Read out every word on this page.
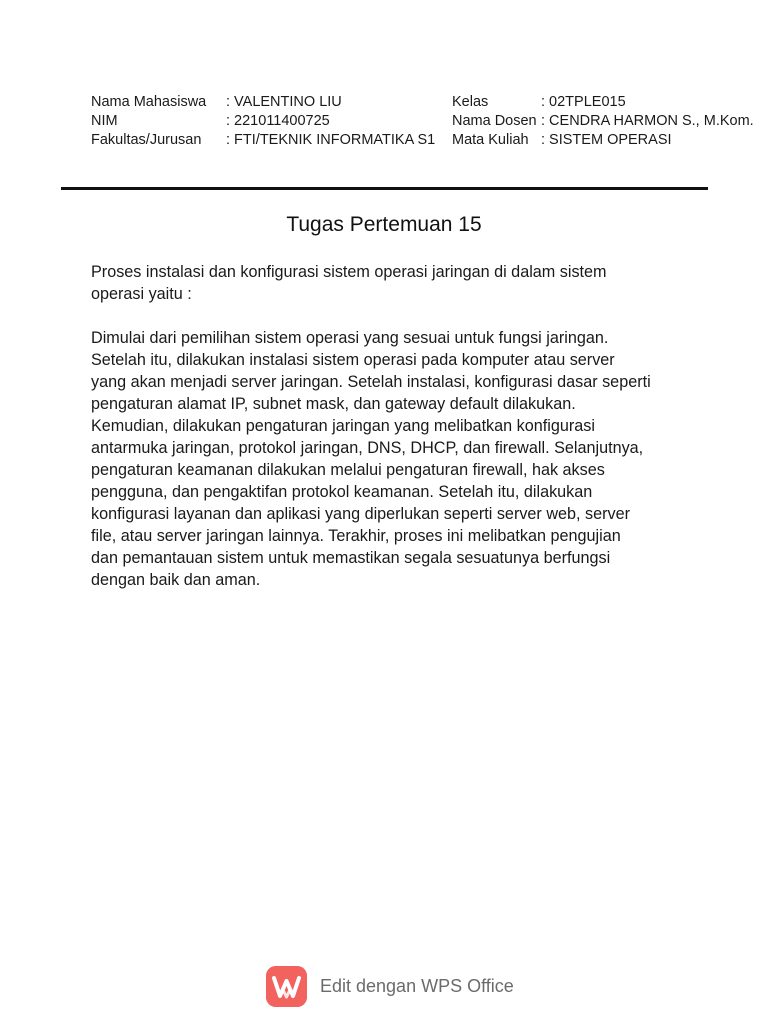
Nama Mahasiswa : VALENTINO LIU	Kelas	: 02TPLE015
NIM	: 221011400725	Nama Dosen : CENDRA HARMON S., M.Kom.
Fakultas/Jurusan : FTI/TEKNIK INFORMATIKA S1 Mata Kuliah : SISTEM OPERASI
Tugas Pertemuan 15
Proses instalasi dan konfigurasi sistem operasi jaringan di dalam sistem
operasi yaitu :
Dimulai dari pemilihan sistem operasi yang sesuai untuk fungsi jaringan.
Setelah itu, dilakukan instalasi sistem operasi pada komputer atau server
yang akan menjadi server jaringan. Setelah instalasi, konfigurasi dasar seperti
pengaturan alamat IP, subnet mask, dan gateway default dilakukan.
Kemudian, dilakukan pengaturan jaringan yang melibatkan konfigurasi
antarmuka jaringan, protokol jaringan, DNS, DHCP, dan firewall. Selanjutnya,
pengaturan keamanan dilakukan melalui pengaturan firewall, hak akses
pengguna, dan pengaktifan protokol keamanan. Setelah itu, dilakukan
konfigurasi layanan dan aplikasi yang diperlukan seperti server web, server
file, atau server jaringan lainnya. Terakhir, proses ini melibatkan pengujian
dan pemantauan sistem untuk memastikan segala sesuatunya berfungsi
dengan baik dan aman.
Edit dengan WPS Office
